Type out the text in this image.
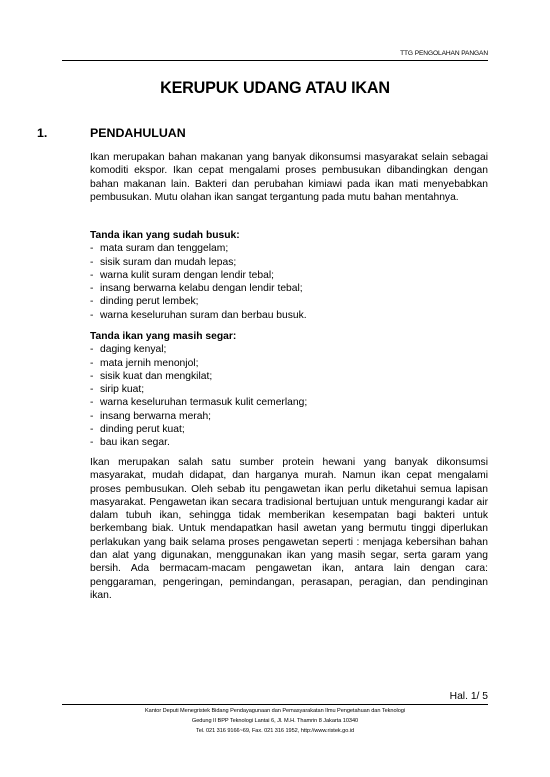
TTG PENGOLAHAN PANGAN
KERUPUK UDANG ATAU IKAN
1.	PENDAHULUAN

Ikan merupakan bahan makanan yang banyak dikonsumsi masyarakat selain sebagai komoditi ekspor. Ikan cepat mengalami proses pembusukan dibandingkan dengan bahan makanan lain. Bakteri dan perubahan kimiawi pada ikan mati menyebabkan pembusukan. Mutu olahan ikan sangat tergantung pada mutu bahan mentahnya.

Tanda ikan yang sudah busuk:

- mata suram dan tenggelam;
- sisik suram dan mudah lepas;
- warna kulit suram dengan lendir tebal;
- insang berwarna kelabu dengan lendir tebal;
- dinding perut lembek;
- warna keseluruhan suram dan berbau busuk.

Tanda ikan yang masih segar:

- daging kenyal;
- mata jernih menonjol;
- sisik kuat dan mengkilat;
- sirip kuat;
- warna keseluruhan termasuk kulit cemerlang;
- insang berwarna merah;
- dinding perut kuat;
- bau ikan segar.

Ikan merupakan salah satu sumber protein hewani yang banyak dikonsumsi masyarakat, mudah didapat, dan harganya murah. Namun ikan cepat mengalami proses pembusukan. Oleh sebab itu pengawetan ikan perlu diketahui semua lapisan masyarakat. Pengawetan ikan secara tradisional bertujuan untuk mengurangi kadar air dalam tubuh ikan, sehingga tidak memberikan kesempatan bagi bakteri untuk berkembang biak. Untuk mendapatkan hasil awetan yang bermutu tinggi diperlukan perlakukan yang baik selama proses pengawetan seperti : menjaga kebersihan bahan dan alat yang digunakan, menggunakan ikan yang masih segar, serta garam yang bersih. Ada bermacam-macam pengawetan ikan, antara lain dengan cara: penggaraman, pengeringan, pemindangan, perasapan, peragian, dan pendinginan ikan.

Hal. 1/ 5
Kantor Deputi Menegristek Bidang Pendayagunaan dan Pemasyarakatan Ilmu Pengetahuan dan Teknologi
Gedung II BPP Teknologi Lantai 6, Jl. M.H. Thamrin 8 Jakarta 10340
Tel. 021 316 9166~69, Fax. 021 316 1952, http://www.ristek.go.id
